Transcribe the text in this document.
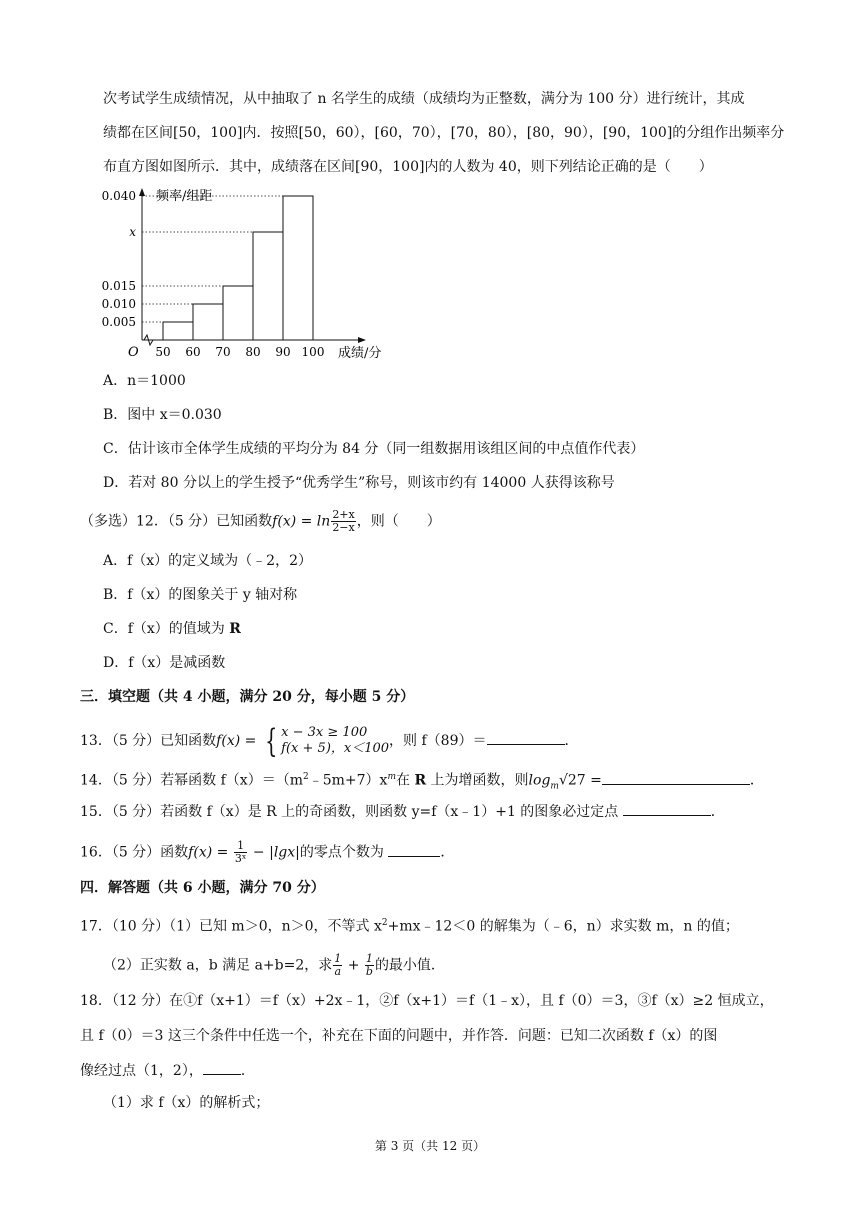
次考试学生成绩情况，从中抽取了 n 名学生的成绩（成绩均为正整数，满分为 100 分）进行统计，其成
绩都在区间[50，100]内．按照[50，60），[60，70），[70，80），[80，90），[90，100]的分组作出频率分
布直方图如图所示．其中，成绩落在区间[90，100]内的人数为 40，则下列结论正确的是（　　）
频率/组距
成绩/分
O 50 60 70 80 90 100
0.005
0.010
0.015
x
0.040
A．n＝1000
B．图中 x＝0.030
C．估计该市全体学生成绩的平均分为 84 分（同一组数据用该组区间的中点值作代表）
D．若对 80 分以上的学生授予“优秀学生”称号，则该市约有 14000 人获得该称号
（多选）12．（5 分）已知函数$f(x) = \ln \frac{2+x}{2-x}$ ，则（　　）
A．f（x）的定义域为（﹣2，2）
B．f（x）的图象关于 y 轴对称
C．f（x）的值域为 R
D．f（x）是减函数
三．填空题（共 4 小题，满分 20 分，每小题 5 分）
13．（5 分）已知函数f(x) = { x − 3x ≥ 100
f(x + 5)，x＜100 ，则 f（89）＝	．
14．（5 分）若幂函数 $f(x)=(m^2﹣5m+7)x^m$在 R 上为增函数，则$\log_m√27$ =	．
15．（5 分）若函数 f（x）是 R 上的奇函数，则函数 y=f（x﹣1）+1 的图象必过定点	．
16．（5 分）函数$f(x) = \frac{1}{\text{3ˣ}} - |\lg x|$的零点个数为	．
四．解答题（共 6 小题，满分 70 分）
17．（10 分）（1）已知 m＞0，n＞0，不等式 $x^2+mx﹣12<0$ 的解集为（﹣6，n）求实数 m，n 的值；
（2）正实数 a，b 满足 a+b=2，求 $\frac{1}{a} + \frac{1}{b}$ 的最小值．
18．（12 分）在①f（x+1）＝f（x）+2x﹣1，②f（x+1）＝f（1﹣x），且 f（0）＝3，③f（x）≥2 恒成立，
且 f（0）＝3 这三个条件中任选一个，补充在下面的问题中，并作答．问题：已知二次函数 f（x）的图
像经过点（1，2），	．
（1）求 f（x）的解析式；
第 3 页（共 12 页）
